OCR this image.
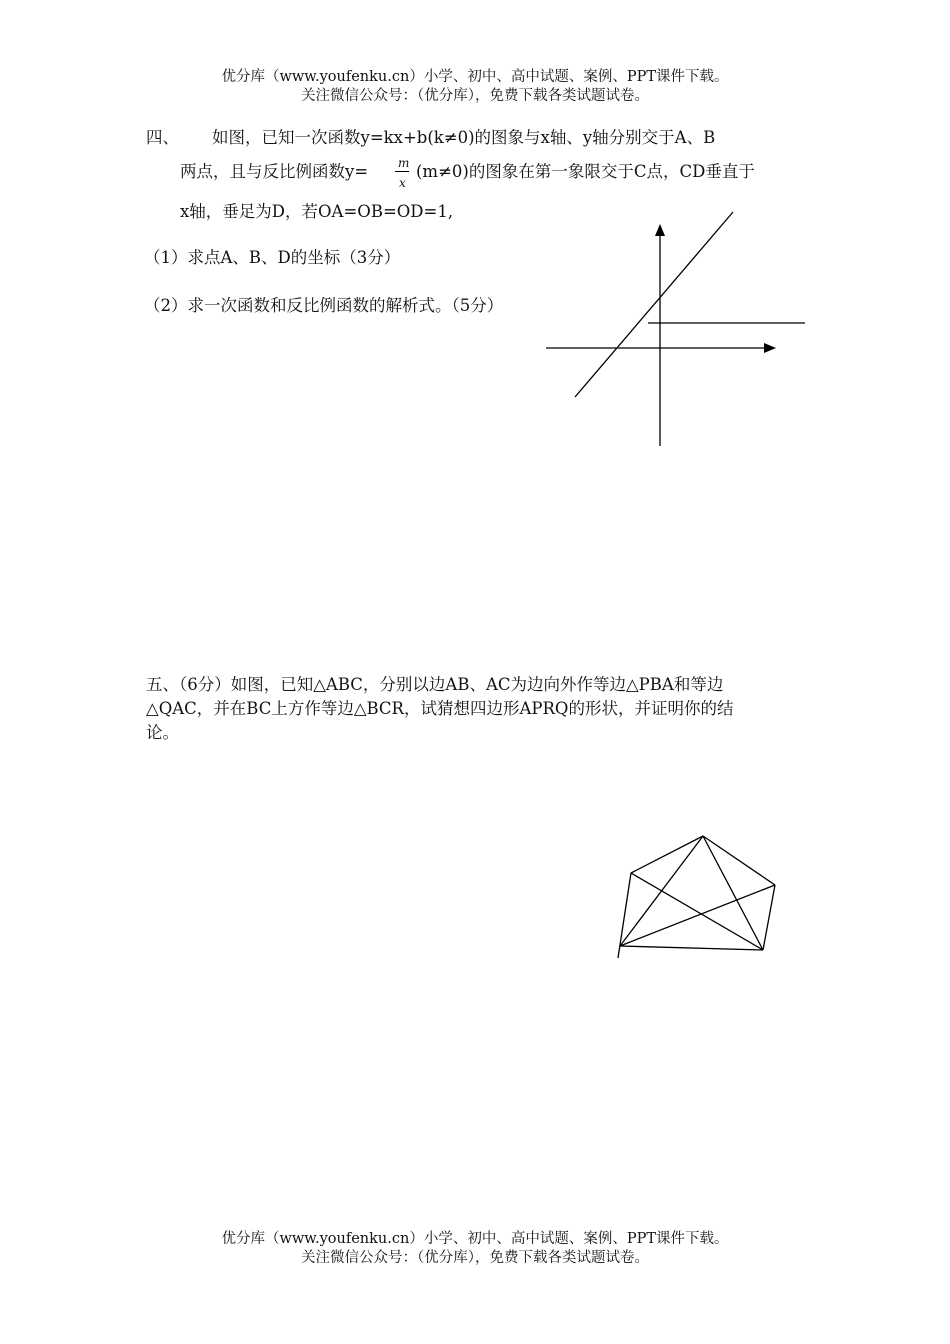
优分库（www.youfenku.cn）小学、初中、高中试题、案例、PPT课件下载。
关注微信公众号：（优分库），免费下载各类试题试卷。
四、 如图，已知一次函数y=kx+b(k≠0)的图象与x轴、y轴分别交于A、B
两点，且与反比例函数y= m
x
(m≠0)的图象在第一象限交于C点，CD垂直于
x轴，垂足为D，若OA=OB=OD=1,
（1）求点A、B、D的坐标（3分）
（2）求一次函数和反比例函数的解析式。（5分）
五、（6分）如图，已知△ABC，分别以边AB、AC为边向外作等边△PBA和等边
△QAC，并在BC上方作等边△BCR，试猜想四边形APRQ的形状，并证明你的结
论。
优分库（www.youfenku.cn）小学、初中、高中试题、案例、PPT课件下载。
关注微信公众号：（优分库），免费下载各类试题试卷。
